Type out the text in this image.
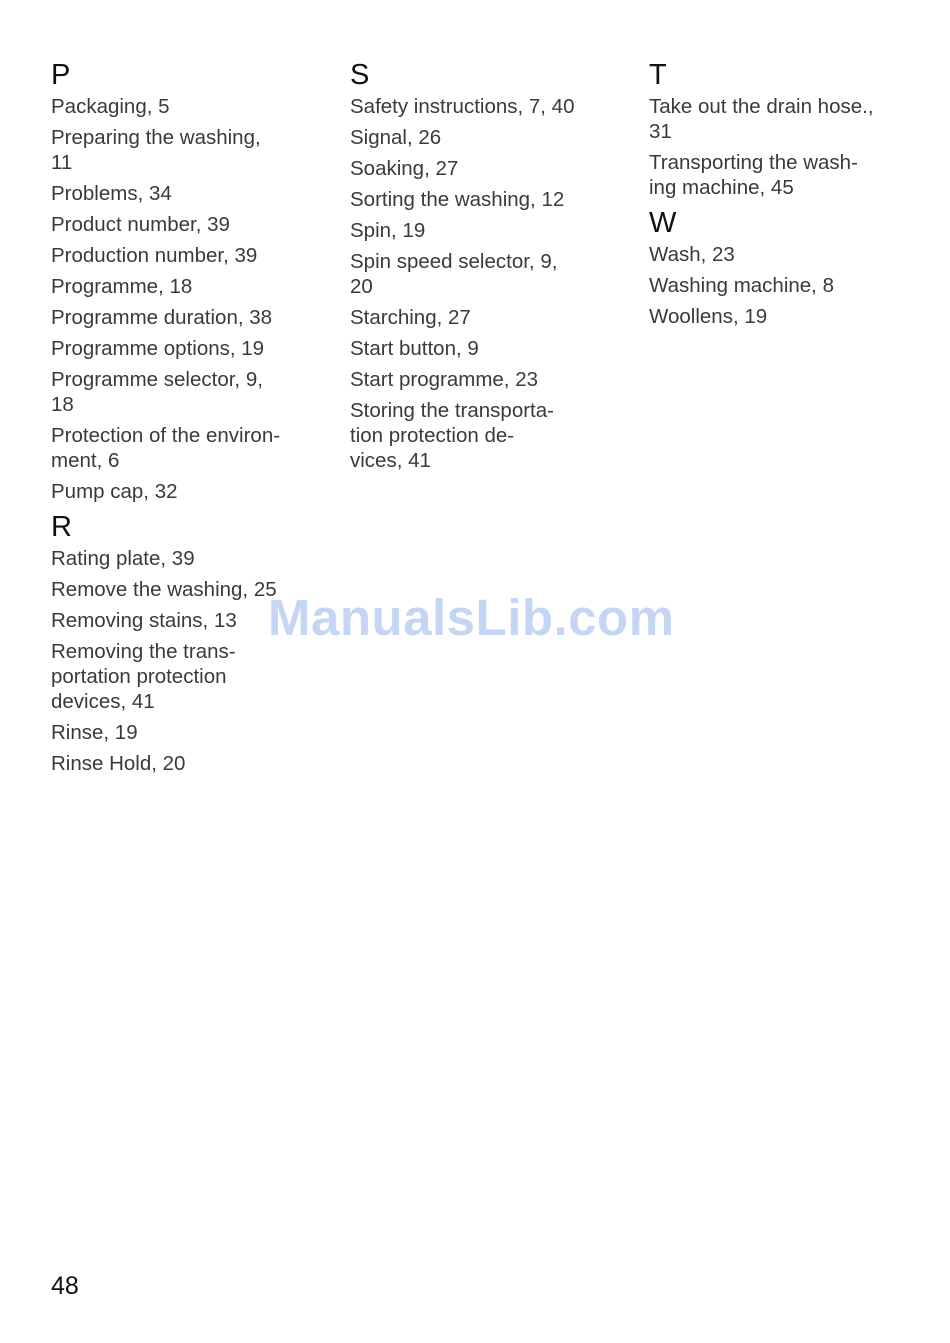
P
Packaging, 5
Preparing the washing,
11
Problems, 34
Product number, 39
Production number, 39
Programme, 18
Programme duration, 38
Programme options, 19
Programme selector, 9,
18
Protection of the environ-
ment, 6
Pump cap, 32
R
Rating plate, 39
Remove the washing, 25
Removing stains, 13
Removing the trans-
portation protection
devices, 41
Rinse, 19
Rinse Hold, 20
S
Safety instructions, 7, 40
Signal, 26
Soaking, 27
Sorting the washing, 12
Spin, 19
Spin speed selector, 9,
20
Starching, 27
Start button, 9
Start programme, 23
Storing the transporta-
tion protection de-
vices, 41
T
Take out the drain hose.,
31
Transporting the wash-
ing machine, 45
W
Wash, 23
Washing machine, 8
Woollens, 19
ManualsLib.com
48
